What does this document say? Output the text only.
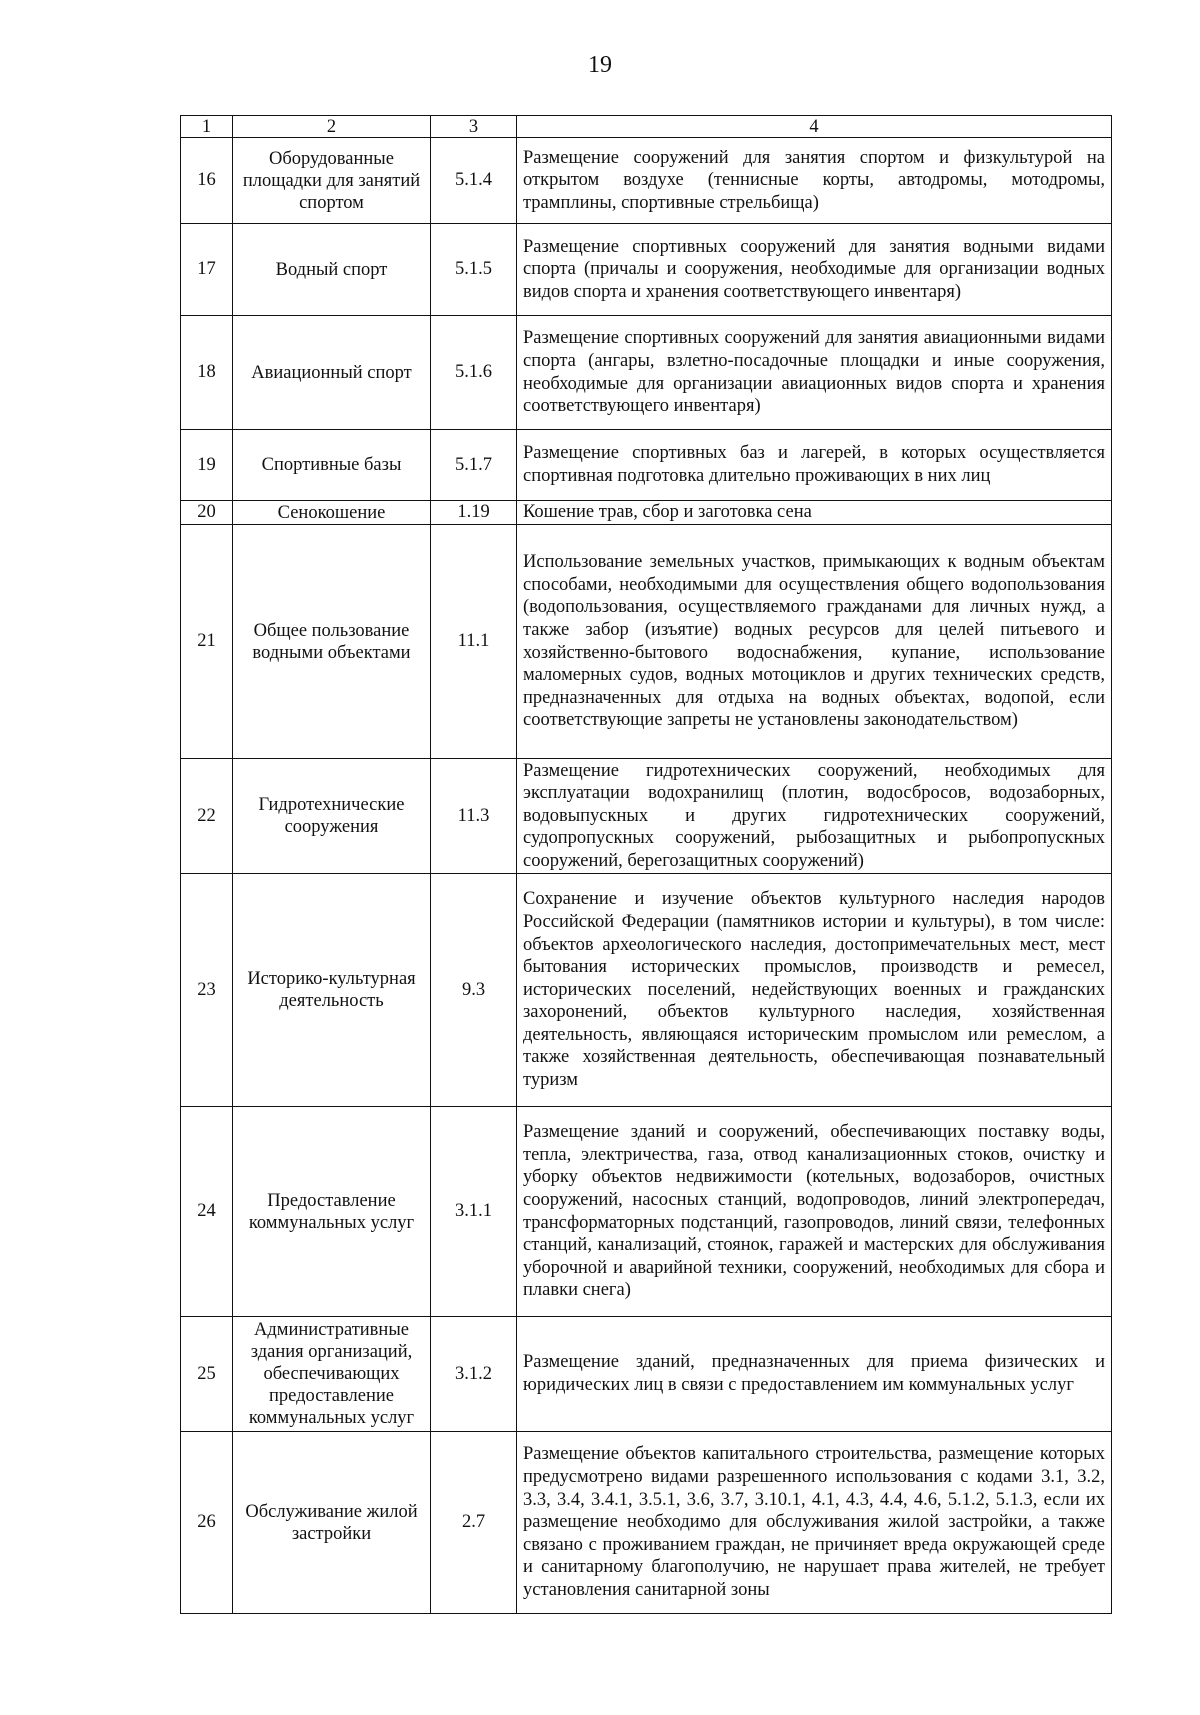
19
1	2	3	4
16	Оборудованные площадки для занятий спортом	5.1.4	Размещение сооружений для занятия спортом и физкультурой на открытом воздухе (теннисные корты, автодромы, мотодромы, трамплины, спортивные стрельбища)
17	Водный спорт	5.1.5	Размещение спортивных сооружений для занятия водными видами спорта (причалы и сооружения, необходимые для организации водных видов спорта и хранения соответствующего инвентаря)
18	Авиационный спорт	5.1.6	Размещение спортивных сооружений для занятия авиационными видами спорта (ангары, взлетно-посадочные площадки и иные сооружения, необходимые для организации авиационных видов спорта и хранения соответствующего инвентаря)
19	Спортивные базы	5.1.7	Размещение спортивных баз и лагерей, в которых осуществляется спортивная подготовка длительно проживающих в них лиц
20	Сенокошение	1.19	Кошение трав, сбор и заготовка сена
21	Общее пользование водными объектами	11.1	Использование земельных участков, примыкающих к водным объектам способами, необходимыми для осуществления общего водопользования (водопользования, осуществляемого гражданами для личных нужд, а также забор (изъятие) водных ресурсов для целей питьевого и хозяйственно-бытового водоснабжения, купание, использование маломерных судов, водных мотоциклов и других технических средств, предназначенных для отдыха на водных объектах, водопой, если соответствующие запреты не установлены законодательством)
22	Гидротехнические сооружения	11.3	Размещение гидротехнических сооружений, необходимых для эксплуатации водохранилищ (плотин, водосбросов, водозаборных, водовыпускных и других гидротехнических сооружений, судопропускных сооружений, рыбозащитных и рыбопропускных сооружений, берегозащитных сооружений)
23	Историко-культурная деятельность	9.3	Сохранение и изучение объектов культурного наследия народов Российской Федерации (памятников истории и культуры), в том числе: объектов археологического наследия, достопримечательных мест, мест бытования исторических промыслов, производств и ремесел, исторических поселений, недействующих военных и гражданских захоронений, объектов культурного наследия, хозяйственная деятельность, являющаяся историческим промыслом или ремеслом, а также хозяйственная деятельность, обеспечивающая познавательный туризм
24	Предоставление коммунальных услуг	3.1.1	Размещение зданий и сооружений, обеспечивающих поставку воды, тепла, электричества, газа, отвод канализационных стоков, очистку и уборку объектов недвижимости (котельных, водозаборов, очистных сооружений, насосных станций, водопроводов, линий электропередач, трансформаторных подстанций, газопроводов, линий связи, телефонных станций, канализаций, стоянок, гаражей и мастерских для обслуживания уборочной и аварийной техники, сооружений, необходимых для сбора и плавки снега)
25	Административные здания организаций, обеспечивающих предоставление коммунальных услуг	3.1.2	Размещение зданий, предназначенных для приема физических и юридических лиц в связи с предоставлением им коммунальных услуг
26	Обслуживание жилой застройки	2.7	Размещение объектов капитального строительства, размещение которых предусмотрено видами разрешенного использования с кодами 3.1, 3.2, 3.3, 3.4, 3.4.1, 3.5.1, 3.6, 3.7, 3.10.1, 4.1, 4.3, 4.4, 4.6, 5.1.2, 5.1.3, если их размещение необходимо для обслуживания жилой застройки, а также связано с проживанием граждан, не причиняет вреда окружающей среде и санитарному благополучию, не нарушает права жителей, не требует установления санитарной зоны
